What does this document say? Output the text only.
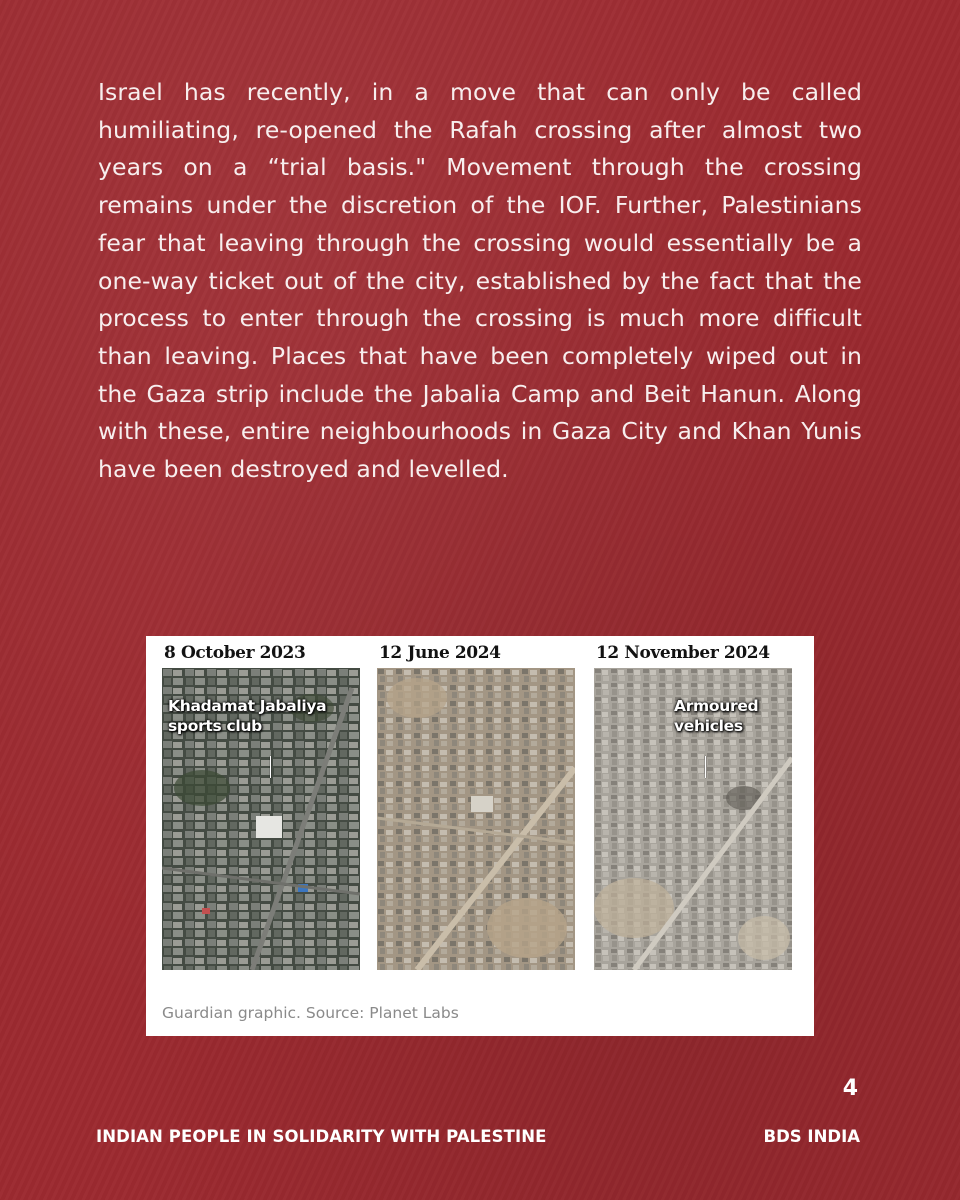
Israel has recently, in a move that can only be called humiliating, re-opened the Rafah crossing after almost two years on a “trial basis." Movement through the crossing remains under the discretion of the IOF. Further, Palestinians fear that leaving through the crossing would essentially be a one-way ticket out of the city, established by the fact that the process to enter through the crossing is much more difficult than leaving. Places that have been completely wiped out in the Gaza strip include the Jabalia Camp and Beit Hanun. Along with these, entire neighbourhoods in Gaza City and Khan Yunis have been destroyed and levelled.

8 October 2023
Khadamat Jabaliya
sports club
12 June 2024	12 November 2024
Armoured
vehicles
Guardian graphic. Source: Planet Labs
4
INDIAN PEOPLE IN SOLIDARITY WITH PALESTINE	BDS INDIA
